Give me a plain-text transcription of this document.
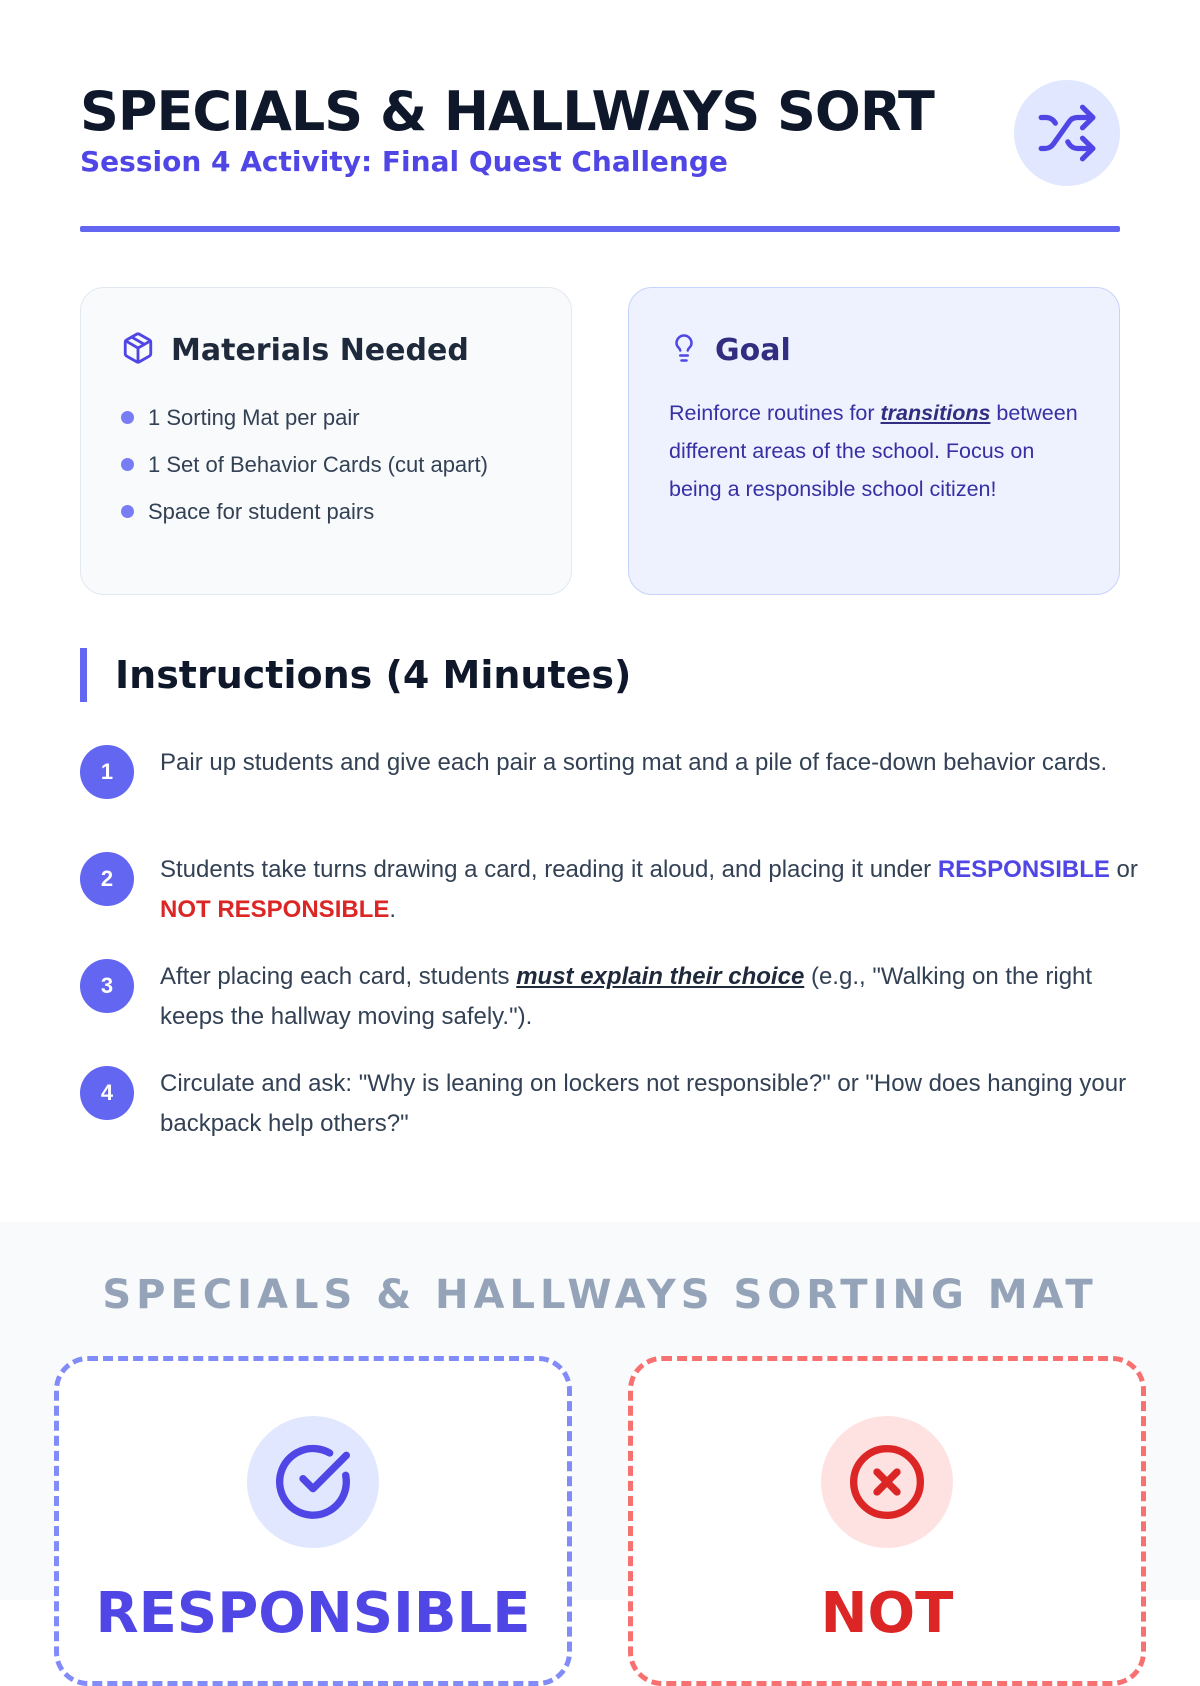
SPECIALS & HALLWAYS SORT
Session 4 Activity: Final Quest Challenge
Materials Needed
1 Sorting Mat per pair
1 Set of Behavior Cards (cut apart)
Space for student pairs
Goal

Reinforce routines for transitions between different areas of the school. Focus on being a responsible school citizen!

Instructions (4 Minutes)
1	Pair up students and give each pair a sorting mat and a pile of face-down behavior cards.
2	Students take turns drawing a card, reading it aloud, and placing it under RESPONSIBLE or NOT RESPONSIBLE.
3	After placing each card, students must explain their choice (e.g., "Walking on the right keeps the hallway moving safely.").
4	Circulate and ask: "Why is leaning on lockers not responsible?" or "How does hanging your backpack help others?"
SPECIALS & HALLWAYS SORTING MAT
RESPONSIBLE	NOT
